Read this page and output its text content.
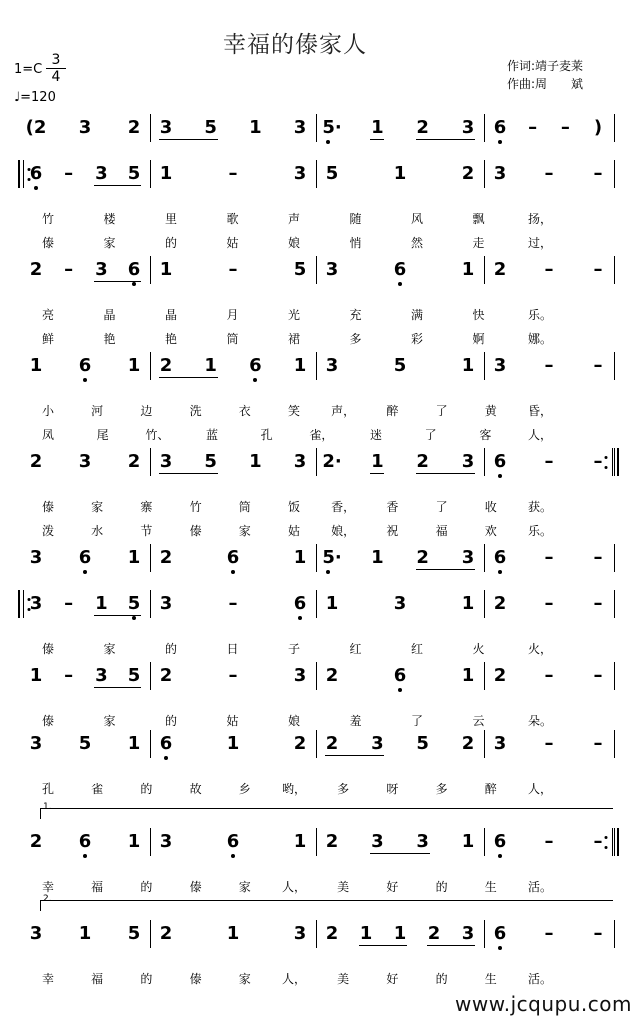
幸福的傣家人
1=C
3
4
♩=120
作词:靖子麦莱
作曲:周　　斌
(2 3 2 3 5 1 3 5· 1 2 3 6 – – )
6 – 3 5 1	–	3 5	1	2 3 – –
竹	楼	里	歌	声	随	风	飘	扬，
傣	家	的	姑	娘	悄	然	走	过，
2 – 3 6 1	–	5 3	6	1 2 – –
亮	晶	晶	月	光	充	满	快	乐。
鲜	艳	艳	筒	裙	多	彩	婀	娜。
1 6 1 2 1 6 1 3	5	1 3 – –
小	河	边	洗	衣	笑	声，	醉	了	黄	昏，
凤	尾	竹、	蓝	孔	雀，	迷	了	客	人，
2 3 2 3 5 1 3 2· 1 2 3 6 – –
傣	家	寨	竹	筒	饭	香，	香	了	收	获。
泼	水	节	傣	家	姑	娘，	祝	福	欢	乐。
3 6 1 2	6	1 5· 1 2 3 6 – –
3 – 1 5 3	–	6 1	3	1 2 – –
傣	家	的	日	子	红	红	火	火，
1 – 3 5 2	–	3 2	6	1 2 – –
傣	家	的	姑	娘	羞	了	云	朵。
3 5 1 6	1	2 2 3 5 2 3 – –
孔	雀	的	故	乡	哟，	多	呀	多	醉	人，
1.
2 6 1 3	6	1 2 3 3 1 6 – –
幸	福	的	傣	家	人，	美	好	的	生	活。
2.
3 1 5 2	1	3 2 1 1 2 3 6 – –
幸	福	的	傣	家	人，	美	好	的	生	活。
www.jcqupu.com
